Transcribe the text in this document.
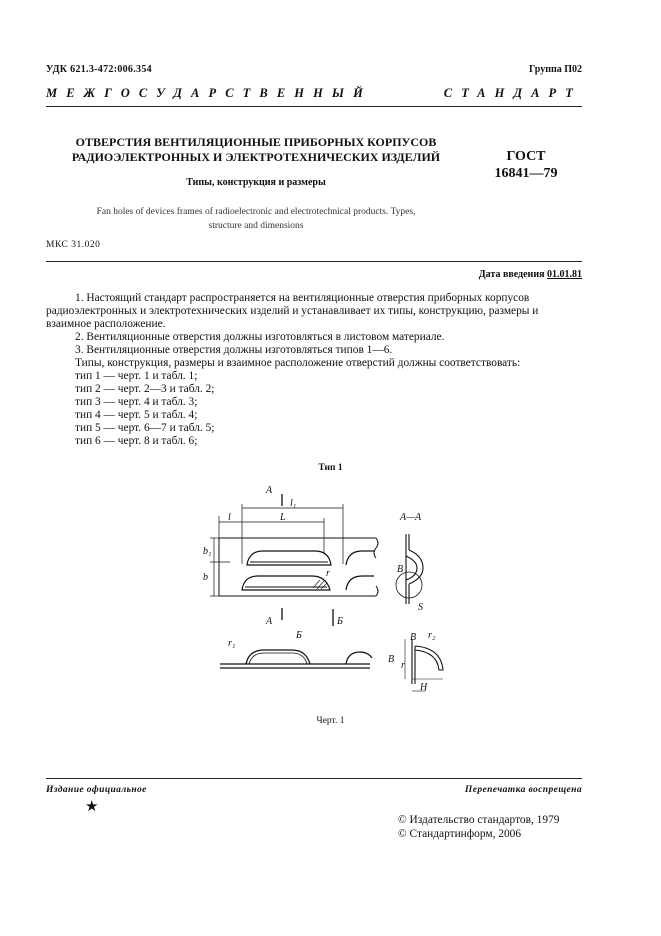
УДК 621.3-472:006.354	Группа П02
МЕЖГОСУДАРСТВЕННЫЙ	СТАНДАРТ
ОТВЕРСТИЯ ВЕНТИЛЯЦИОННЫЕ ПРИБОРНЫХ КОРПУСОВ
РАДИОЭЛЕКТРОННЫХ И ЭЛЕКТРОТЕХНИЧЕСКИХ ИЗДЕЛИЙ
Типы, конструкция и размеры
ГОСТ
16841—79
Fan holes of devices frames of radioelectronic and electrotechnical products. Types,
structure and dimensions
МКС 31.020
Дата введения 01.01.81

1. Настоящий стандарт распространяется на вентиляционные отверстия приборных корпусов радиоэлектронных и электротехнических изделий и устанавливает их типы, конструкцию, размеры и взаимное расположение.

2. Вентиляционные отверстия должны изготовляться в листовом материале.

3. Вентиляционные отверстия должны изготовляться типов 1—6.

Типы, конструкция, размеры и взаимное расположение отверстий должны соответствовать:

тип 1 — черт. 1 и табл. 1;

тип 2 — черт. 2—3 и табл. 2;

тип 3 — черт. 4 и табл. 3;

тип 4 — черт. 5 и табл. 4;

тип 5 — черт. 6—7 и табл. 5;

тип 6 — черт. 8 и табл. 6;

Тип 1
А
А
А—А
Б
Б
В
В
l	L
l₁
b
b₁
r
r₁
r₂
S
H
В
r
Черт. 1
Издание официальное	Перепечатка воспрещена
★
© Издательство стандартов, 1979
© Стандартинформ, 2006
